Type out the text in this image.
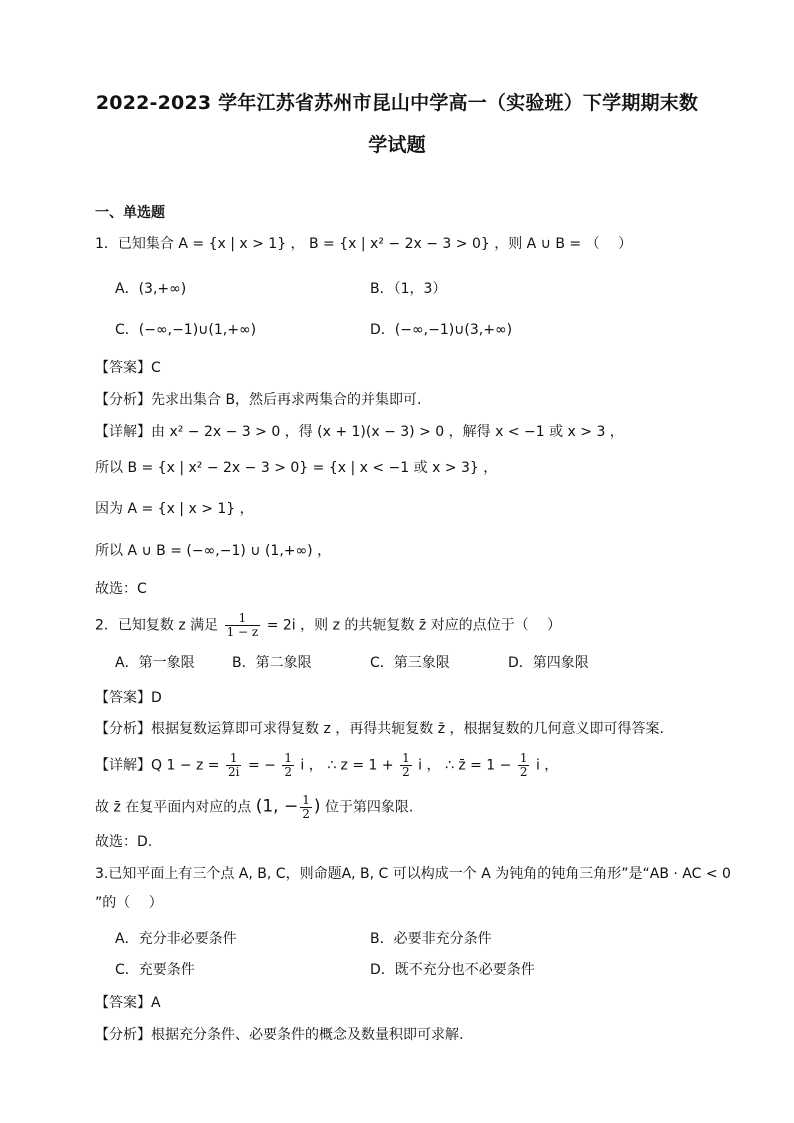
2022-2023 学年江苏省苏州市昆山中学高一（实验班）下学期期末数
学试题
一、单选题
1．已知集合 A = {x | x > 1} ， B = {x | x² − 2x − 3 > 0} ，则 A ∪ B = （　 ）
A．(3,+∞)	B．（1，3）
C．(−∞,−1)∪(1,+∞)	D．(−∞,−1)∪(3,+∞)
【答案】C
【分析】先求出集合 B，然后再求两集合的并集即可.
【详解】由 x² − 2x − 3 > 0 ，得 (x + 1)(x − 3) > 0 ，解得 x < −1 或 x > 3 ，
所以 B = {x | x² − 2x − 3 > 0} = {x | x < −1 或 x > 3} ，
因为 A = {x | x > 1} ，
所以 A ∪ B = (−∞,−1) ∪ (1,+∞) ，
故选：C
2．已知复数 z 满足 $\frac{1}{1 - z} = 2i$ ，则 z 的共轭复数 z̄ 对应的点位于（　 ）
A．第一象限	B．第二象限	C．第三象限	D．第四象限
【答案】D
【分析】根据复数运算即可求得复数 z ，再得共轭复数 z̄ ，根据复数的几何意义即可得答案.
【详解】Q $1 - z = \frac{1}{2i}$ = − $\frac{1}{2}$ i ， ∴ $z = 1 + \frac{1}{2}$ i ， ∴ z̄ = $1 - \frac{1}{2}$ i ，
故 z̄ 在复平面内对应的点 (1, − $\frac{1}{2}$ ) 位于第四象限.
故选：D.
3.已知平面上有三个点 A, B, C，则命题A, B, C 可以构成一个 A 为钝角的钝角三角形”是“AB · AC < 0
”的（　 ）
A．充分非必要条件	B．必要非充分条件
C．充要条件	D．既不充分也不必要条件
【答案】A
【分析】根据充分条件、必要条件的概念及数量积即可求解.
